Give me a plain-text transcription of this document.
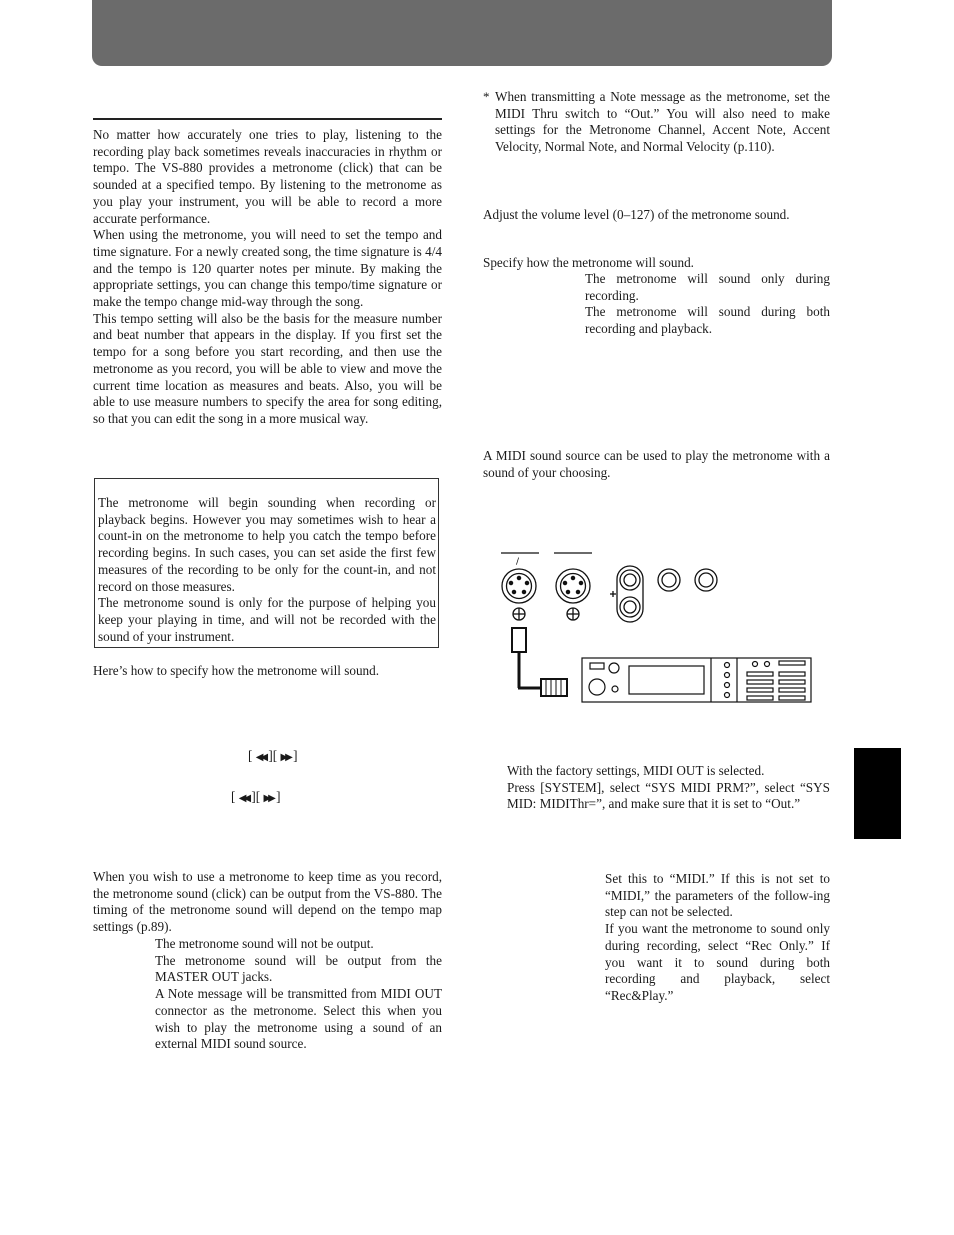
No matter how accurately one tries to play, listening to the recording play back sometimes reveals inaccuracies in rhythm or tempo. The VS-880 provides a metronome (click) that can be sounded at a specified tempo. By listening to the metronome as you play your instrument, you will be able to record a more accurate performance.

When using the metronome, you will need to set the tempo and time signature. For a newly created song, the time signature is 4/4 and the tempo is 120 quarter notes per minute. By making the appropriate settings, you can change this tempo/time signature or make the tempo change mid-way through the song.

This tempo setting will also be the basis for the measure number and beat number that appears in the display. If you first set the tempo for a song before you start recording, and then use the metronome as you record, you will be able to view and move the current time location as measures and beats. Also, you will be able to use measure numbers to specify the area for song editing, so that you can edit the song in a more musical way.

The metronome will begin sounding when recording or playback begins. However you may sometimes wish to hear a count-in on the metronome to help you catch the tempo before recording begins. In such cases, you can set aside the first few measures of the recording to be only for the count-in, and not record on those measures.

The metronome sound is only for the purpose of helping you keep your playing in time, and will not be recorded with the sound of your instrument.

Here’s how to specify how the metronome will sound.
[ ◀◀ ][ ▶▶ ]
[ ◀◀ ][ ▶▶ ]
When you wish to use a metronome to keep time as you record, the metronome sound (click) can be output from the VS-880. The timing of the metronome sound will depend on the tempo map settings (p.89).

The metronome sound will not be output.

The metronome sound will be output from the MASTER OUT jacks.

A Note message will be transmitted from MIDI OUT connector as the metronome. Select this when you wish to play the metronome using a sound of an external MIDI sound source.

* When transmitting a Note message as the metronome, set the MIDI Thru switch to “Out.” You will also need to make settings for the Metronome Channel, Accent Note, Accent Velocity, Normal Note, and Normal Velocity (p.110).
Adjust the volume level (0–127) of the metronome sound.
Specify how the metronome will sound.

The metronome will sound only during recording.

The metronome will sound during both recording and playback.

A MIDI sound source can be used to play the metronome with a sound of your choosing.
/

With the factory settings, MIDI OUT is selected.

Press [SYSTEM], select “SYS MIDI PRM?”, select “SYS MID: MIDIThr=”, and make sure that it is set to “Out.”

Set this to “MIDI.” If this is not set to “MIDI,” the parameters of the follow-ing step can not be selected.

If you want the metronome to sound only during recording, select “Rec Only.” If you want it to sound during both recording and playback, select “Rec&Play.”
